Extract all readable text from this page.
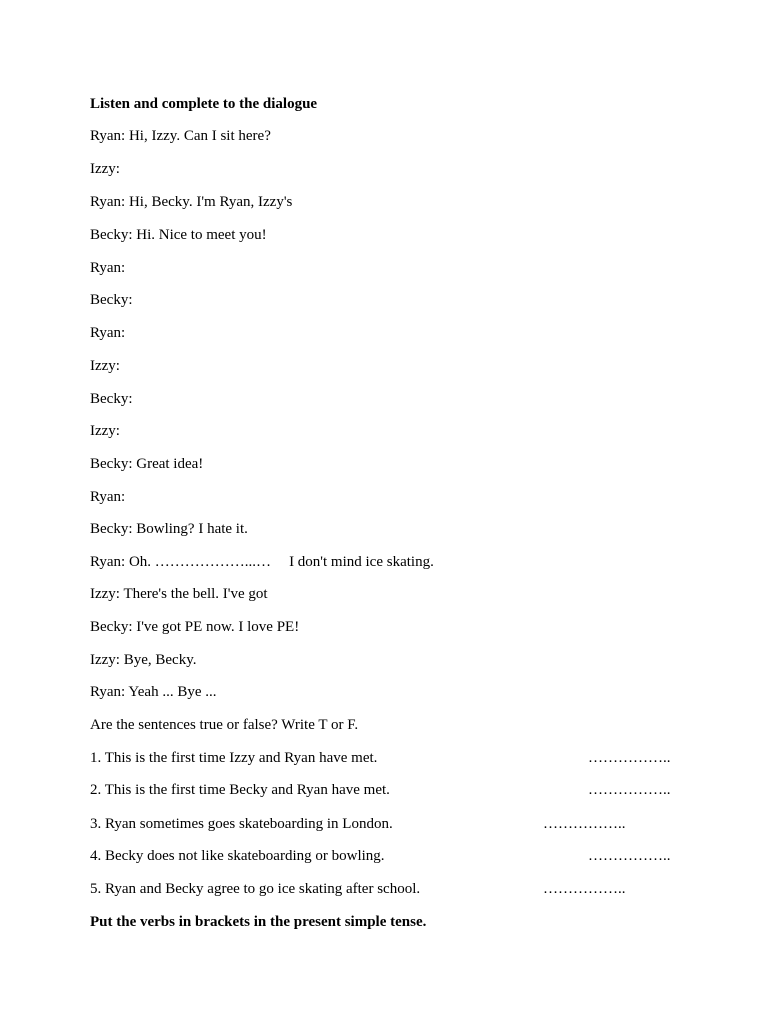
Listen and complete to the dialogue
Ryan: Hi, Izzy. Can I sit here?
Izzy:
Ryan: Hi, Becky. I'm Ryan, Izzy's
Becky: Hi. Nice to meet you!
Ryan:
Becky:
Ryan:
Izzy:
Becky:
Izzy:
Becky: Great idea!
Ryan:
Becky: Bowling? I hate it.
Ryan: Oh. ………………...… I don't mind ice skating.
Izzy: There's the bell. I've got
Becky: I've got PE now. I love PE!
Izzy: Bye, Becky.
Ryan: Yeah ... Bye ...
Are the sentences true or false? Write T or F.
1. This is the first time Izzy and Ryan have met.	……………..
2. This is the first time Becky and Ryan have met.	……………..
3. Ryan sometimes goes skateboarding in London.	……………..
4. Becky does not like skateboarding or bowling.	……………..
5. Ryan and Becky agree to go ice skating after school.	……………..
Put the verbs in brackets in the present simple tense.
